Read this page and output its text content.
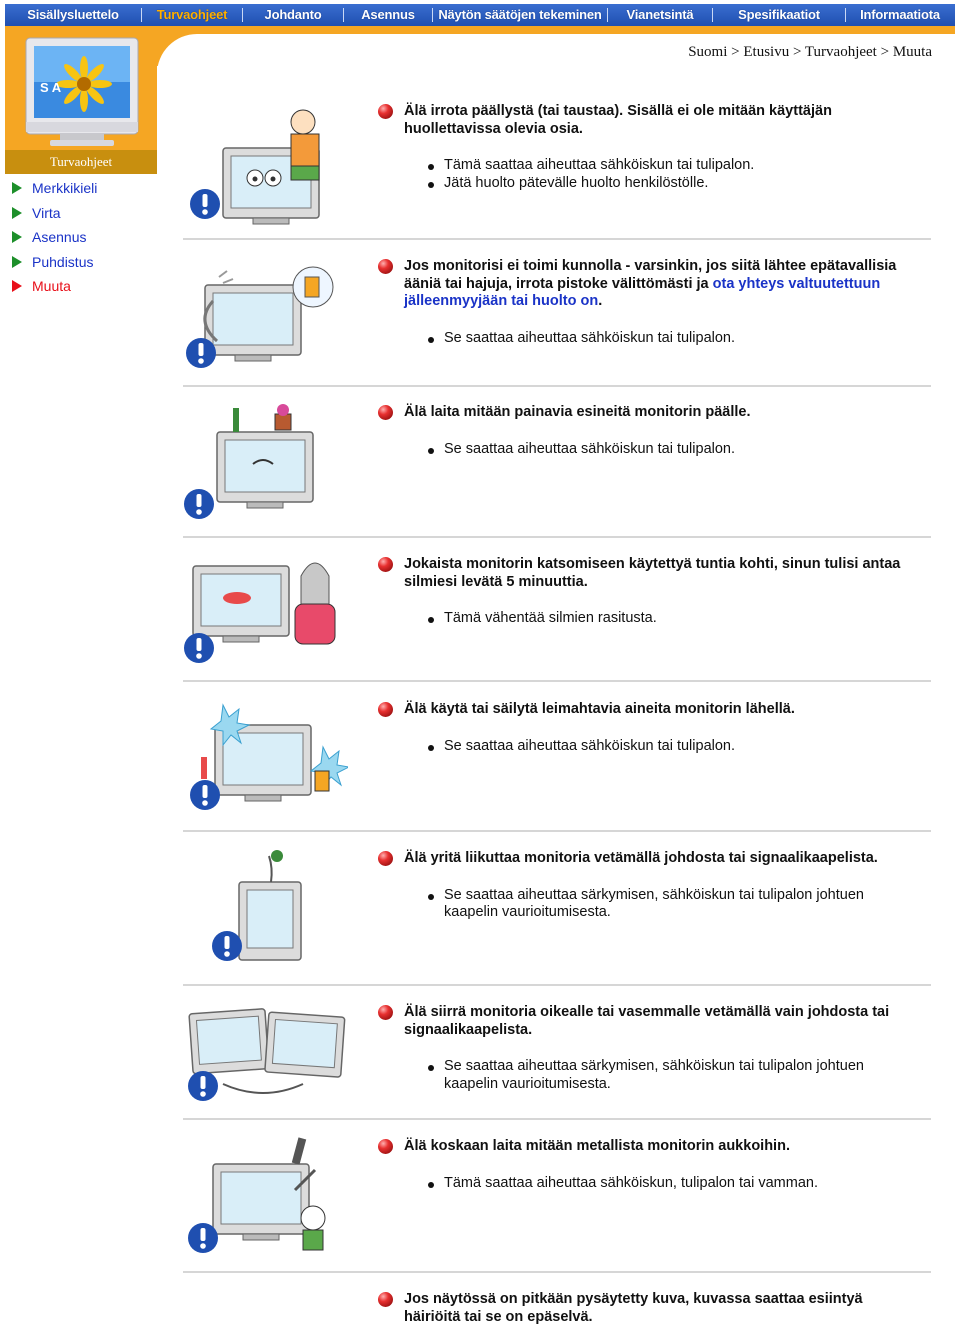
Sisällysluettelo	Turvaohjeet	Johdanto	Asennus	Näytön säätöjen tekeminen	Vianetsintä	Spesifikaatiot	Informaatiota
S A
Turvaohjeet
Merkkikieli
Virta
Asennus
Puhdistus
Muuta
Suomi > Etusivu > Turvaohjeet > Muuta
Älä irrota päällystä (tai taustaa). Sisällä ei ole mitään käyttäjän huollettavissa olevia osia.
Tämä saattaa aiheuttaa sähköiskun tai tulipalon.
Jätä huolto pätevälle huolto henkilöstölle.
Jos monitorisi ei toimi kunnolla - varsinkin, jos siitä lähtee epätavallisia ääniä tai hajuja, irrota pistoke välittömästi ja ota yhteys valtuutettuun jälleenmyyjään tai huolto on.
Se saattaa aiheuttaa sähköiskun tai tulipalon.
Älä laita mitään painavia esineitä monitorin päälle.
Se saattaa aiheuttaa sähköiskun tai tulipalon.
Jokaista monitorin katsomiseen käytettyä tuntia kohti, sinun tulisi antaa silmiesi levätä 5 minuuttia.
Tämä vähentää silmien rasitusta.
Älä käytä tai säilytä leimahtavia aineita monitorin lähellä.
Se saattaa aiheuttaa sähköiskun tai tulipalon.
Älä yritä liikuttaa monitoria vetämällä johdosta tai signaalikaapelista.
Se saattaa aiheuttaa särkymisen, sähköiskun tai tulipalon johtuen kaapelin vaurioitumisesta.
Älä siirrä monitoria oikealle tai vasemmalle vetämällä vain johdosta tai signaalikaapelista.
Se saattaa aiheuttaa särkymisen, sähköiskun tai tulipalon johtuen kaapelin vaurioitumisesta.
Älä koskaan laita mitään metallista monitorin aukkoihin.
Tämä saattaa aiheuttaa sähköiskun, tulipalon tai vamman.
Jos näytössä on pitkään pysäytetty kuva, kuvassa saattaa esiintyä häiriöitä tai se on epäselvä.
